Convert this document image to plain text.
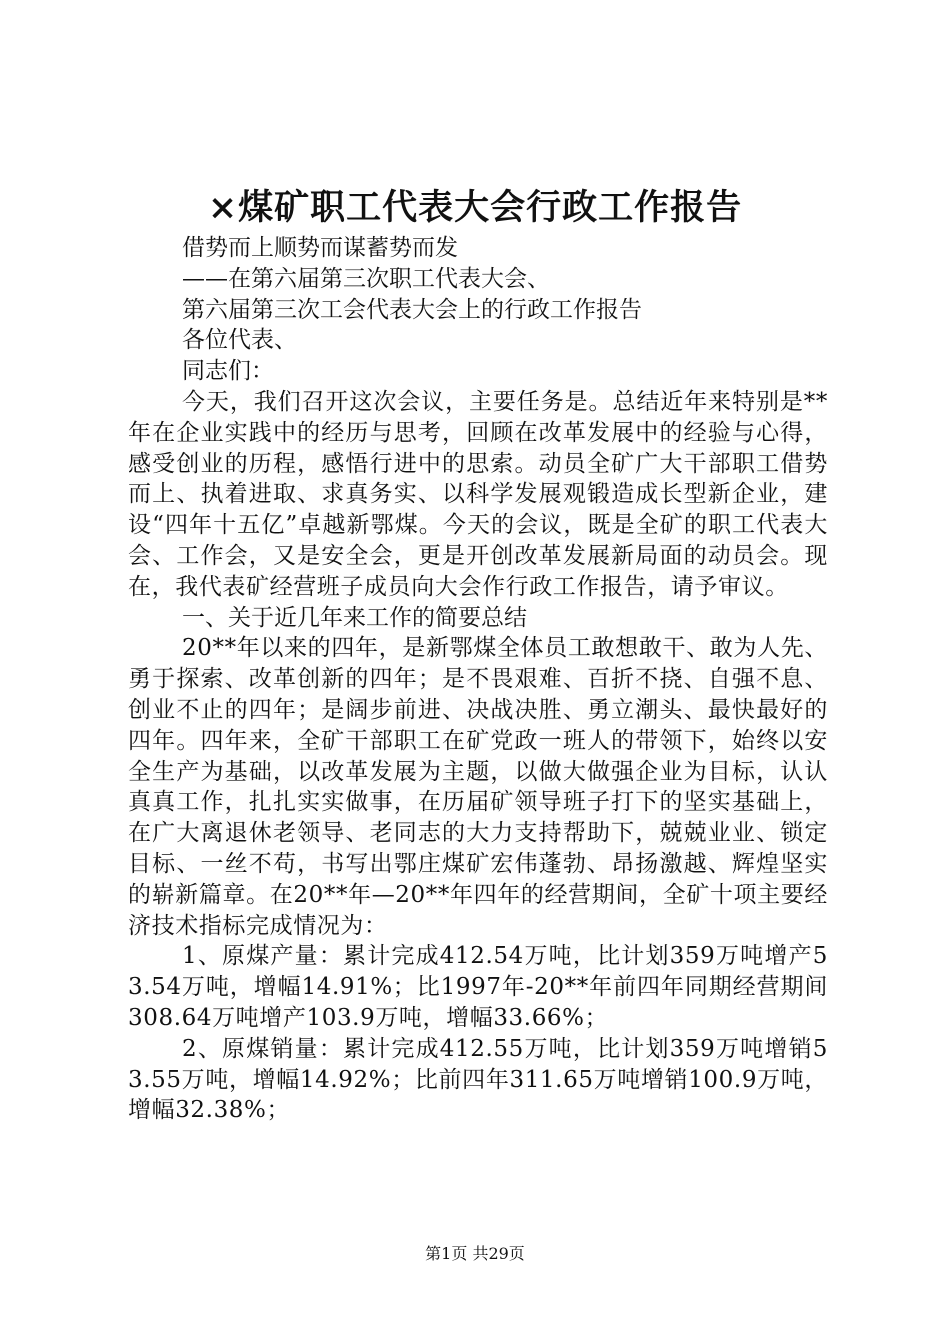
×煤矿职工代表大会行政工作报告
借势而上顺势而谋蓄势而发
——在第六届第三次职工代表大会、
第六届第三次工会代表大会上的行政工作报告
各位代表、
同志们：

今天，我们召开这次会议，主要任务是。总结近年来特别是**年在企业实践中的经历与思考，回顾在改革发展中的经验与心得，感受创业的历程，感悟行进中的思索。动员全矿广大干部职工借势而上、执着进取、求真务实、以科学发展观锻造成长型新企业，建设“四年十五亿”卓越新鄂煤。今天的会议，既是全矿的职工代表大会、工作会，又是安全会，更是开创改革发展新局面的动员会。现在，我代表矿经营班子成员向大会作行政工作报告，请予审议。

一、关于近几年来工作的简要总结

20**年以来的四年，是新鄂煤全体员工敢想敢干、敢为人先、勇于探索、改革创新的四年；是不畏艰难、百折不挠、自强不息、创业不止的四年；是阔步前进、决战决胜、勇立潮头、最快最好的四年。四年来，全矿干部职工在矿党政一班人的带领下，始终以安全生产为基础，以改革发展为主题，以做大做强企业为目标，认认真真工作，扎扎实实做事，在历届矿领导班子打下的坚实基础上，在广大离退休老领导、老同志的大力支持帮助下，兢兢业业、锁定目标、一丝不苟，书写出鄂庄煤矿宏伟蓬勃、昂扬激越、辉煌坚实的崭新篇章。在20**年—20**年四年的经营期间，全矿十项主要经济技术指标完成情况为：

1、原煤产量：累计完成412.54万吨，比计划359万吨增产53.54万吨，增幅14.91%；比1997年-20**年前四年同期经营期间308.64万吨增产103.9万吨，增幅33.66%；

2、原煤销量：累计完成412.55万吨，比计划359万吨增销53.55万吨，增幅14.92%；比前四年311.65万吨增销100.9万吨，增幅32.38%；

第1页 共29页
